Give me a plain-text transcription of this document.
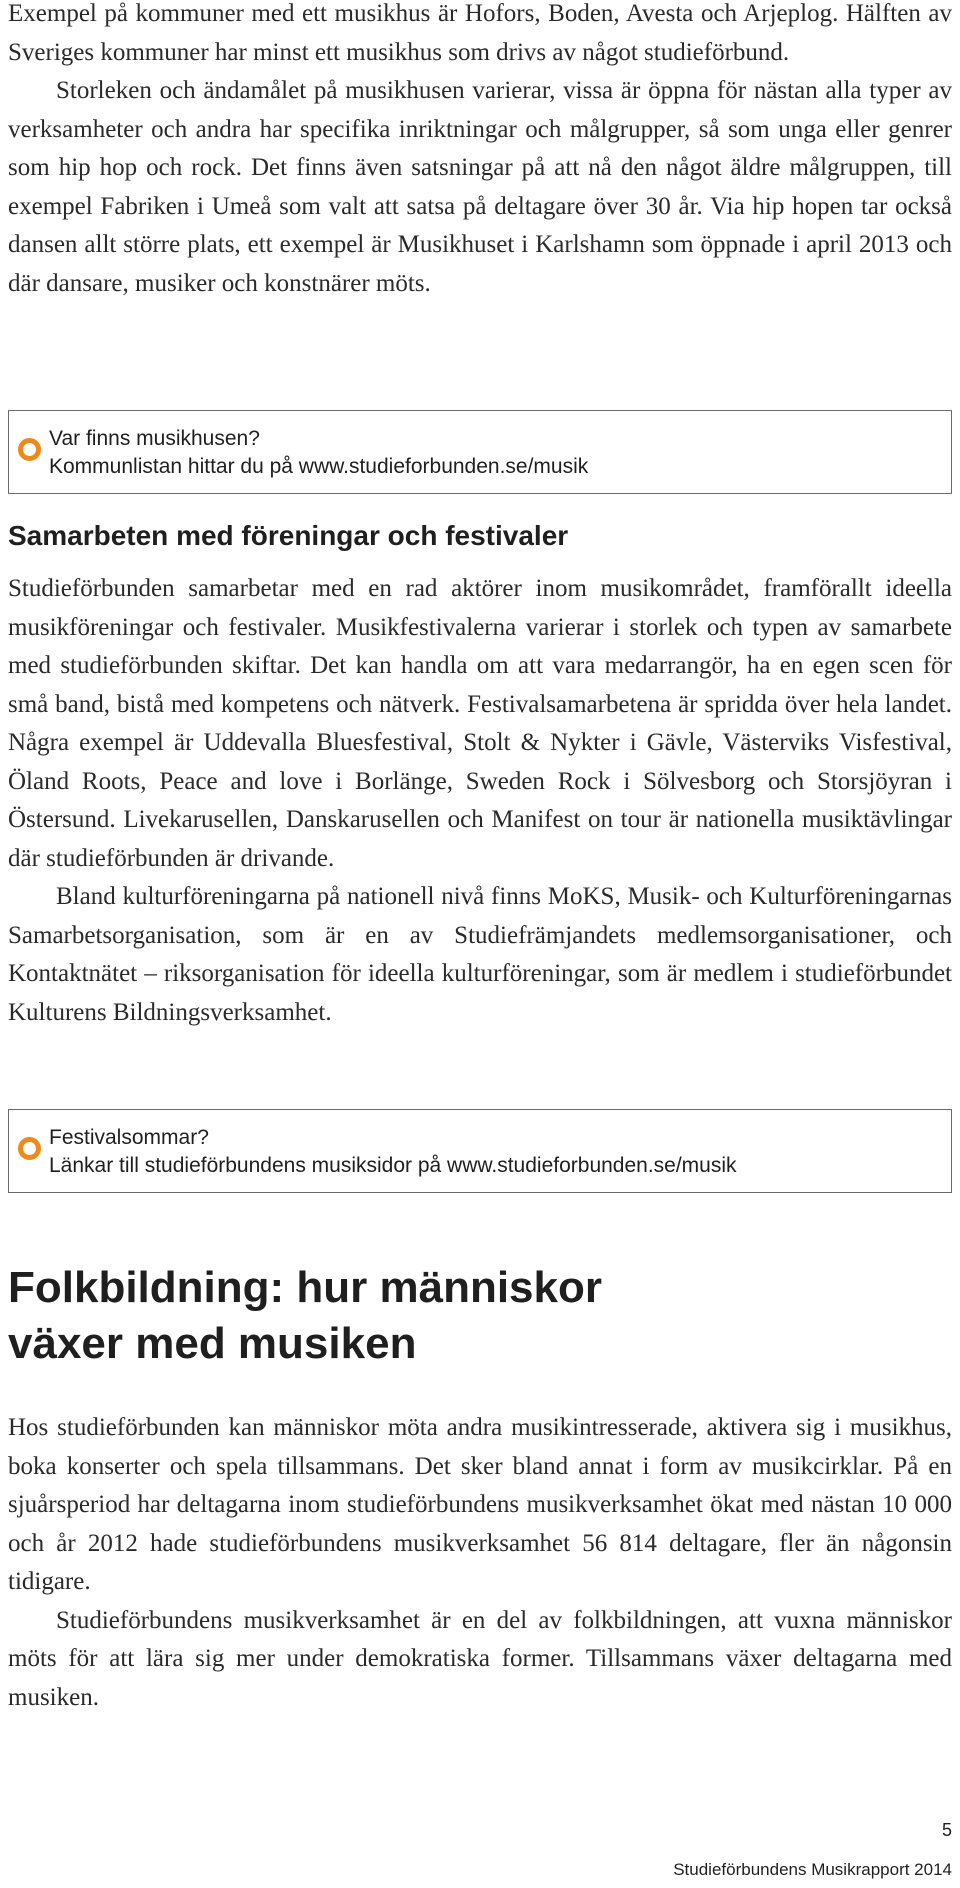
Exempel på kommuner med ett musikhus är Hofors, Boden, Avesta och Arjeplog. Hälften av Sveriges kommuner har minst ett musikhus som drivs av något studieförbund.

Storleken och ändamålet på musikhusen varierar, vissa är öppna för nästan alla typer av verksamheter och andra har specifika inriktningar och målgrupper, så som unga eller genrer som hip hop och rock. Det finns även satsningar på att nå den något äldre målgruppen, till exempel Fabriken i Umeå som valt att satsa på deltagare över 30 år. Via hip hopen tar också dansen allt större plats, ett exempel är Musikhuset i Karlshamn som öppnade i april 2013 och där dansare, musiker och konstnärer möts.

Var finns musikhusen?
Kommunlistan hittar du på www.studieforbunden.se/musik
Samarbeten med föreningar och festivaler

Studieförbunden samarbetar med en rad aktörer inom musikområdet, framförallt ideella musikföreningar och festivaler. Musikfestivalerna varierar i storlek och typen av samarbete med studieförbunden skiftar. Det kan handla om att vara medarrangör, ha en egen scen för små band, bistå med kompetens och nätverk. Festivalsamarbetena är spridda över hela landet. Några exempel är Uddevalla Bluesfestival, Stolt & Nykter i Gävle, Västerviks Visfestival, Öland Roots, Peace and love i Borlänge, Sweden Rock i Sölvesborg och Storsjöyran i Östersund. Livekarusellen, Danskarusellen och Manifest on tour är nationella musiktävlingar där studieförbunden är drivande.

Bland kulturföreningarna på nationell nivå finns MoKS, Musik- och Kulturföreningarnas Samarbetsorganisation, som är en av Studiefrämjandets medlemsorganisationer, och Kontaktnätet – riksorganisation för ideella kulturföreningar, som är medlem i studieförbundet Kulturens Bildningsverksamhet.

Festivalsommar?
Länkar till studieförbundens musiksidor på www.studieforbunden.se/musik
Folkbildning: hur människor
växer med musiken

Hos studieförbunden kan människor möta andra musikintresserade, aktivera sig i musikhus, boka konserter och spela tillsammans. Det sker bland annat i form av musikcirklar. På en sjuårsperiod har deltagarna inom studieförbundens musikverksamhet ökat med nästan 10 000 och år 2012 hade studieförbundens musikverksamhet 56 814 deltagare, fler än någonsin tidigare.

Studieförbundens musikverksamhet är en del av folkbildningen, att vuxna människor möts för att lära sig mer under demokratiska former. Tillsammans växer deltagarna med musiken.

5
Studieförbundens Musikrapport 2014
